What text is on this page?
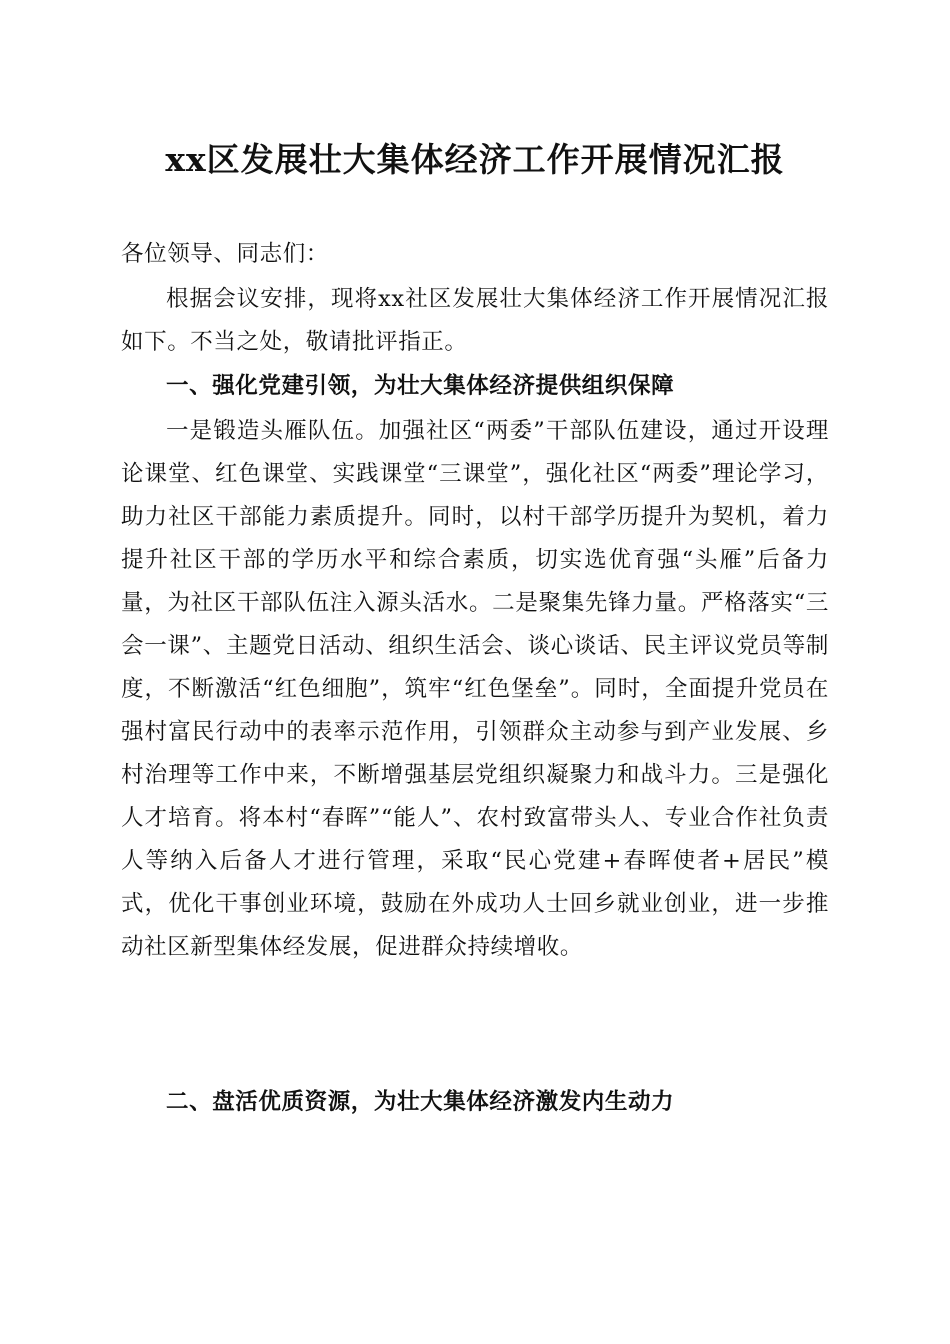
xx区发展壮大集体经济工作开展情况汇报

各位领导、同志们：

根据会议安排，现将xx社区发展壮大集体经济工作开展情况汇报如下。不当之处，敬请批评指正。

一、强化党建引领，为壮大集体经济提供组织保障

一是锻造头雁队伍。加强社区“两委”干部队伍建设，通过开设理论课堂、红色课堂、实践课堂“三课堂”，强化社区“两委”理论学习，助力社区干部能力素质提升。同时，以村干部学历提升为契机，着力提升社区干部的学历水平和综合素质，切实选优育强“头雁”后备力量，为社区干部队伍注入源头活水。二是聚集先锋力量。严格落实“三会一课”、主题党日活动、组织生活会、谈心谈话、民主评议党员等制度，不断激活“红色细胞”，筑牢“红色堡垒”。同时，全面提升党员在强村富民行动中的表率示范作用，引领群众主动参与到产业发展、乡村治理等工作中来，不断增强基层党组织凝聚力和战斗力。三是强化人才培育。将本村“春晖”“能人”、农村致富带头人、专业合作社负责人等纳入后备人才进行管理，采取“民心党建+春晖使者+居民”模式，优化干事创业环境，鼓励在外成功人士回乡就业创业，进一步推动社区新型集体经发展，促进群众持续增收。

二、盘活优质资源，为壮大集体经济激发内生动力
